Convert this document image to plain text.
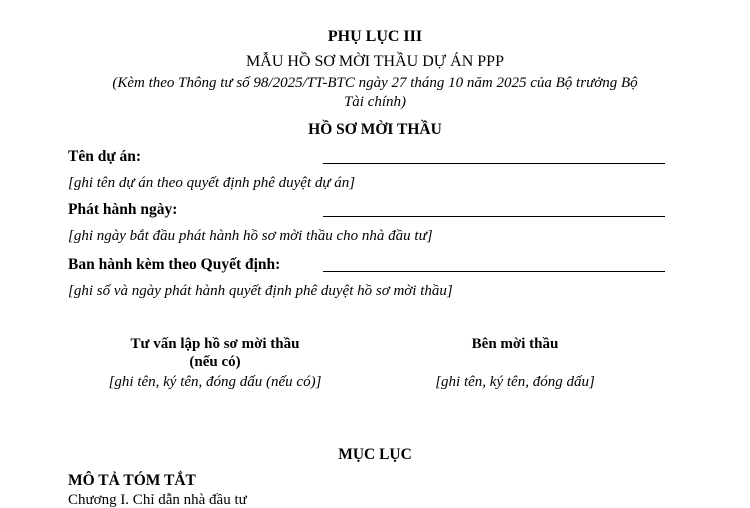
PHỤ LỤC III
MẪU HỒ SƠ MỜI THẦU DỰ ÁN PPP
(Kèm theo Thông tư số 98/2025/TT-BTC ngày 27 tháng 10 năm 2025 của Bộ trưởng Bộ
Tài chính)
HỒ SƠ MỜI THẦU
Tên dự án:
[ghi tên dự án theo quyết định phê duyệt dự án]
Phát hành ngày:
[ghi ngày bắt đầu phát hành hồ sơ mời thầu cho nhà đầu tư]
Ban hành kèm theo Quyết định:
[ghi số và ngày phát hành quyết định phê duyệt hồ sơ mời thầu]
Tư vấn lập hồ sơ mời thầu
(nếu có)
[ghi tên, ký tên, đóng dấu (nếu có)]
Bên mời thầu
[ghi tên, ký tên, đóng dấu]
MỤC LỤC
MÔ TẢ TÓM TẮT
Chương I. Chỉ dẫn nhà đầu tư
